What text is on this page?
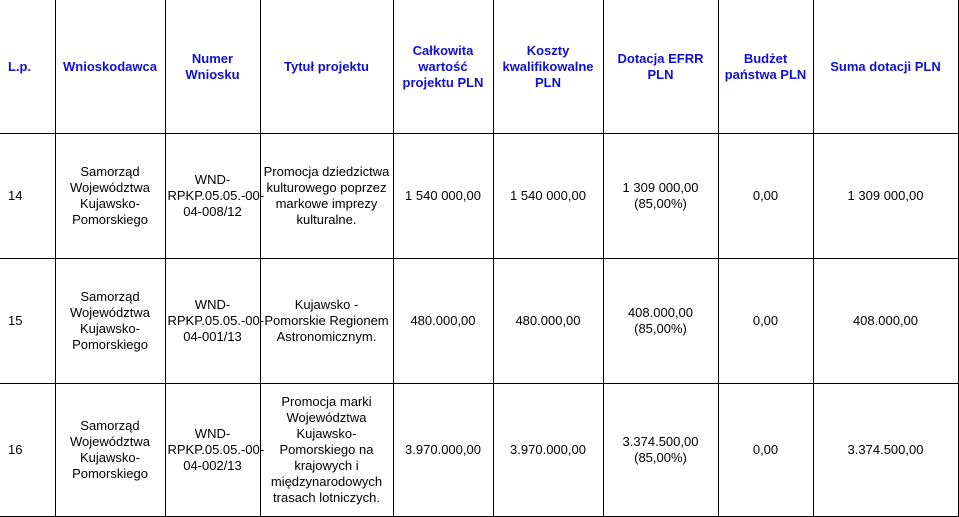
L.p.	Wnioskodawca	Numer Wniosku	Tytuł projektu	Całkowita wartość projektu PLN	Koszty kwalifikowalne PLN	Dotacja EFRR PLN	Budżet państwa PLN	Suma dotacji PLN
14	Samorząd Województwa Kujawsko-Pomorskiego	WND-RPKP.05.05.-00-04-008/12	Promocja dziedzictwa kulturowego poprzez markowe imprezy kulturalne.	1 540 000,00	1 540 000,00	1 309 000,00 (85,00%)	0,00	1 309 000,00
15	Samorząd Województwa Kujawsko-Pomorskiego	WND-RPKP.05.05.-00-04-001/13	Kujawsko - Pomorskie Regionem Astronomicznym.	480.000,00	480.000,00	408.000,00 (85,00%)	0,00	408.000,00
16	Samorząd Województwa Kujawsko-Pomorskiego	WND-RPKP.05.05.-00-04-002/13	Promocja marki Województwa Kujawsko-Pomorskiego na krajowych i międzynarodowych trasach lotniczych.	3.970.000,00	3.970.000,00	3.374.500,00 (85,00%)	0,00	3.374.500,00
